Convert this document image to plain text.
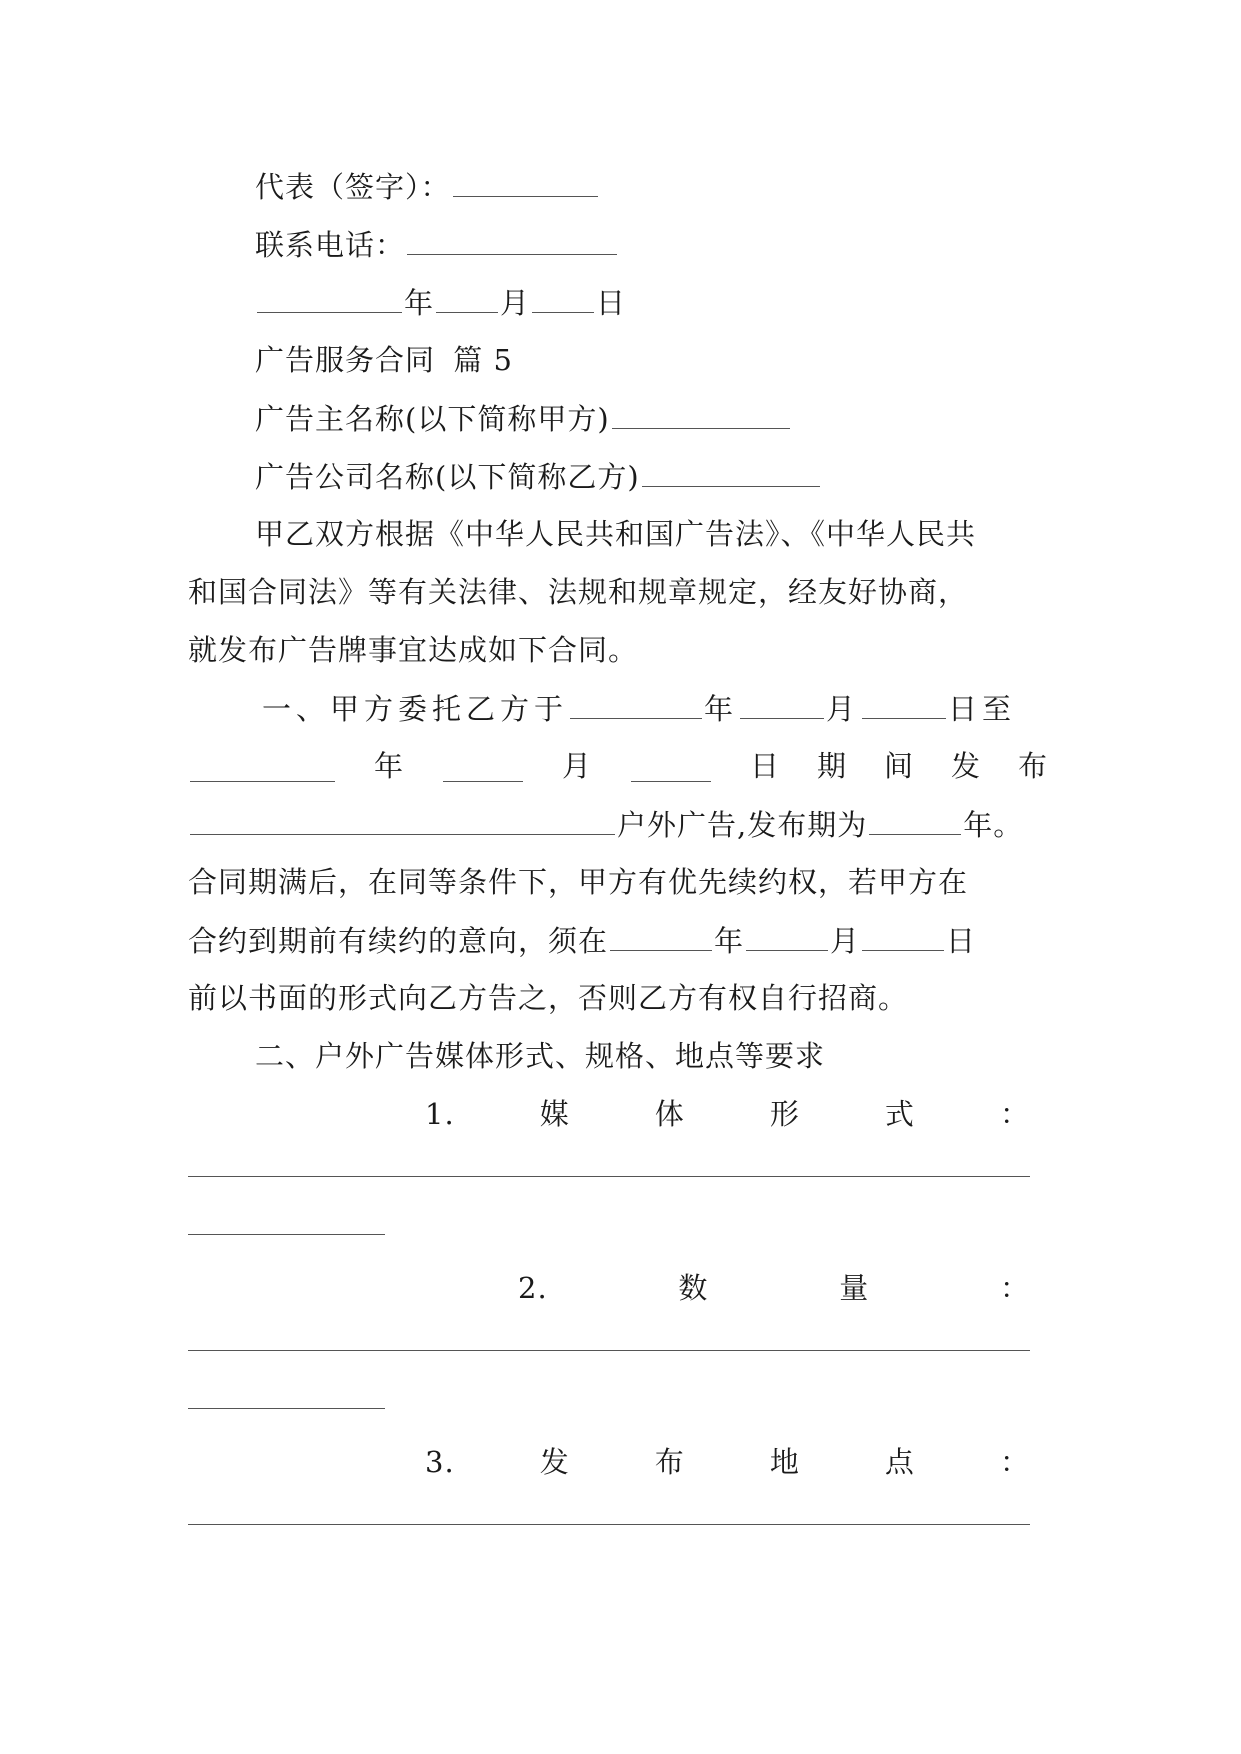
代表（签字）：
联系电话：
年 月 日
广告服务合同 篇 5
广告主名称(以下简称甲方)
广告公司名称(以下简称乙方)
甲乙双方根据《中华人民共和国广告法》、《中华人民共
和国合同法》等有关法律、法规和规章规定，经友好协商，
就发布广告牌事宜达成如下合同。
一、甲方委托乙方于	年	月	日至
年	月	日 期 间 发 布
户外广告,发布期为	年。
合同期满后，在同等条件下，甲方有优先续约权，若甲方在
合约到期前有续约的意向，须在	年	月	日
前以书面的形式向乙方告之，否则乙方有权自行招商。
二、户外广告媒体形式、规格、地点等要求
1.	媒	体	形	式	：
2.	数	量	：
3.	发	布	地	点	：
